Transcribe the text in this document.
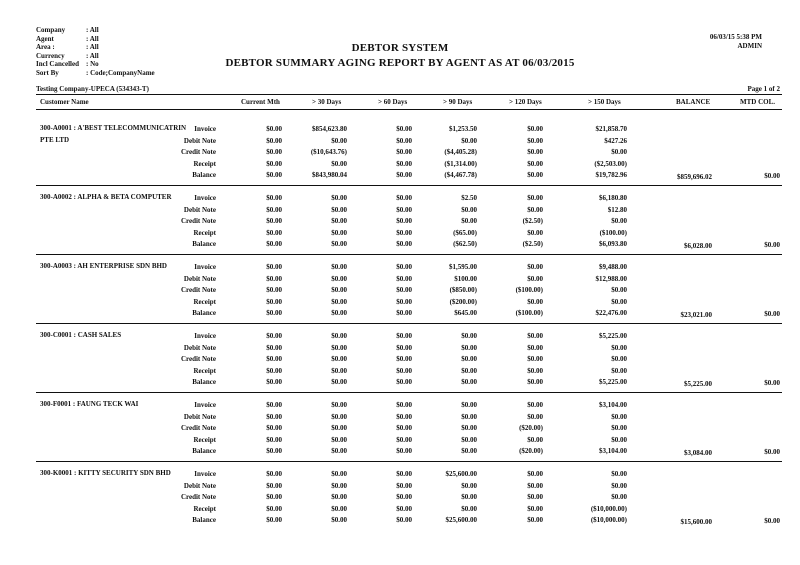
Company	: All
Agent	: All
Area :	: All
Currency	: All
Incl Cancelled	: No
Sort By	: Code;CompanyName
06/03/15 5:38 PM
ADMIN
DEBTOR SYSTEM
DEBTOR SUMMARY AGING REPORT BY AGENT AS AT 06/03/2015
Testing Company-UPECA (534343-T)	Page 1 of 2
Customer Name	Current Mth	> 30 Days	> 60 Days	> 90 Days	> 120 Days	> 150 Days	BALANCE	MTD COL.
300-A0001 : A'BEST TELECOMMUNICATRIN PTE LTD
Invoice	$0.00	$854,623.80	$0.00	$1,253.50	$0.00	$21,858.70
Debit Note	$0.00	$0.00	$0.00	$0.00	$0.00	$427.26
Credit Note	$0.00	($10,643.76)	$0.00	($4,405.28)	$0.00	$0.00
Receipt	$0.00	$0.00	$0.00	($1,314.00)	$0.00	($2,503.00)
Balance	$0.00	$843,980.04	$0.00	($4,467.78)	$0.00	$19,782.96	$859,696.02	$0.00
300-A0002 : ALPHA & BETA COMPUTER	Invoice	$0.00	$0.00	$0.00	$2.50	$0.00	$6,180.80
Debit Note	$0.00	$0.00	$0.00	$0.00	$0.00	$12.80
Credit Note	$0.00	$0.00	$0.00	$0.00	($2.50)	$0.00
Receipt	$0.00	$0.00	$0.00	($65.00)	$0.00	($100.00)
Balance	$0.00	$0.00	$0.00	($62.50)	($2.50)	$6,093.80	$6,028.00	$0.00
300-A0003 : AH ENTERPRISE SDN BHD	Invoice	$0.00	$0.00	$0.00	$1,595.00	$0.00	$9,488.00
Debit Note	$0.00	$0.00	$0.00	$100.00	$0.00	$12,988.00
Credit Note	$0.00	$0.00	$0.00	($850.00)	($100.00)	$0.00
Receipt	$0.00	$0.00	$0.00	($200.00)	$0.00	$0.00
Balance	$0.00	$0.00	$0.00	$645.00	($100.00)	$22,476.00	$23,021.00	$0.00
300-C0001 : CASH SALES	Invoice	$0.00	$0.00	$0.00	$0.00	$0.00	$5,225.00
Debit Note	$0.00	$0.00	$0.00	$0.00	$0.00	$0.00
Credit Note	$0.00	$0.00	$0.00	$0.00	$0.00	$0.00
Receipt	$0.00	$0.00	$0.00	$0.00	$0.00	$0.00
Balance	$0.00	$0.00	$0.00	$0.00	$0.00	$5,225.00	$5,225.00	$0.00
300-F0001 : FAUNG TECK WAI	Invoice	$0.00	$0.00	$0.00	$0.00	$0.00	$3,104.00
Debit Note	$0.00	$0.00	$0.00	$0.00	$0.00	$0.00
Credit Note	$0.00	$0.00	$0.00	$0.00	($20.00)	$0.00
Receipt	$0.00	$0.00	$0.00	$0.00	$0.00	$0.00
Balance	$0.00	$0.00	$0.00	$0.00	($20.00)	$3,104.00	$3,084.00	$0.00
300-K0001 : KITTY SECURITY SDN BHD	Invoice	$0.00	$0.00	$0.00	$25,600.00	$0.00	$0.00
Debit Note	$0.00	$0.00	$0.00	$0.00	$0.00	$0.00
Credit Note	$0.00	$0.00	$0.00	$0.00	$0.00	$0.00
Receipt	$0.00	$0.00	$0.00	$0.00	$0.00	($10,000.00)
Balance	$0.00	$0.00	$0.00	$25,600.00	$0.00	($10,000.00)	$15,600.00	$0.00
